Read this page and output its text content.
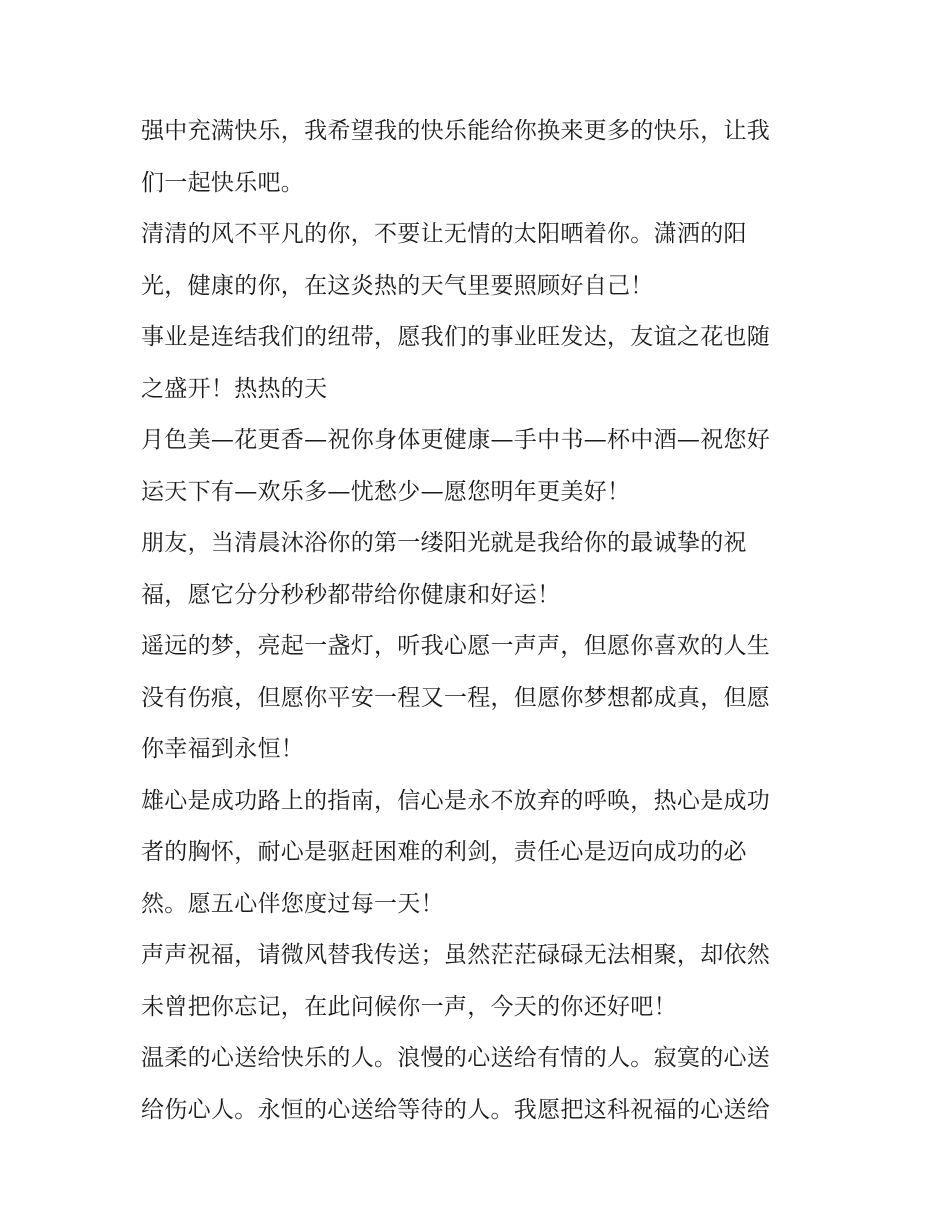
强中充满快乐，我希望我的快乐能给你换来更多的快乐，让我
们一起快乐吧。

清清的风不平凡的你，不要让无情的太阳晒着你。潇洒的阳
光，健康的你，在这炎热的天气里要照顾好自己！

事业是连结我们的纽带，愿我们的事业旺发达，友谊之花也随
之盛开！热热的天

月色美—花更香—祝你身体更健康—手中书—杯中酒—祝您好
运天下有—欢乐多—忧愁少—愿您明年更美好！

朋友，当清晨沐浴你的第一缕阳光就是我给你的最诚挚的祝
福，愿它分分秒秒都带给你健康和好运！

遥远的梦，亮起一盏灯，听我心愿一声声，但愿你喜欢的人生
没有伤痕，但愿你平安一程又一程，但愿你梦想都成真，但愿
你幸福到永恒！

雄心是成功路上的指南，信心是永不放弃的呼唤，热心是成功
者的胸怀，耐心是驱赶困难的利剑，责任心是迈向成功的必
然。愿五心伴您度过每一天！

声声祝福，请微风替我传送；虽然茫茫碌碌无法相聚，却依然
未曾把你忘记，在此问候你一声，今天的你还好吧！

温柔的心送给快乐的人。浪慢的心送给有情的人。寂寞的心送
给伤心人。永恒的心送给等待的人。我愿把这科祝福的心送给
